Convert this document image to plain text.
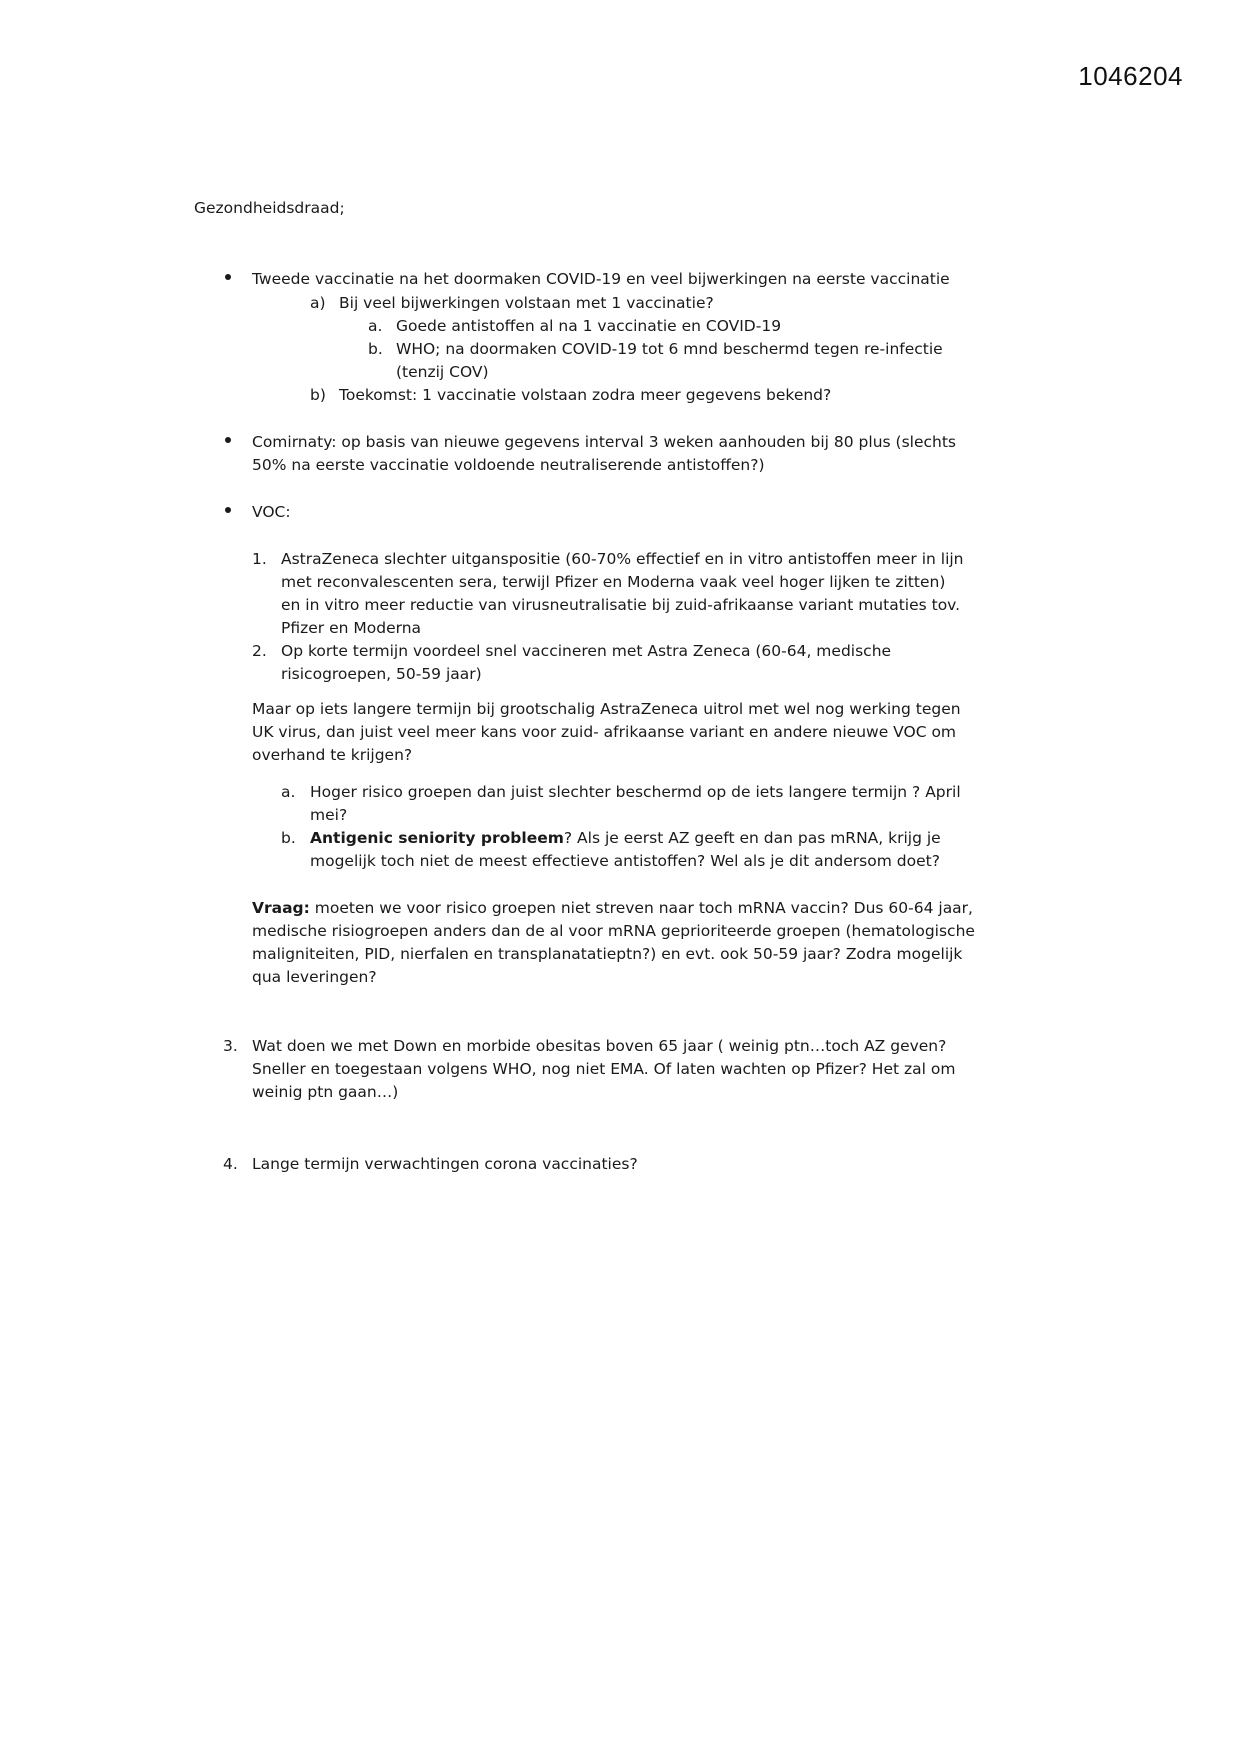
1046204
Gezondheidsdraad;
Tweede vaccinatie na het doormaken COVID-19 en veel bijwerkingen na eerste vaccinatie
a) Bij veel bijwerkingen volstaan met 1 vaccinatie?
a. Goede antistoffen al na 1 vaccinatie en COVID-19
b. WHO; na doormaken COVID-19 tot 6 mnd beschermd tegen re-infectie
(tenzij COV)
b) Toekomst: 1 vaccinatie volstaan zodra meer gegevens bekend?
Comirnaty: op basis van nieuwe gegevens interval 3 weken aanhouden bij 80 plus (slechts
50% na eerste vaccinatie voldoende neutraliserende antistoffen?)
VOC:
1. AstraZeneca slechter uitganspositie (60-70% effectief en in vitro antistoffen meer in lijn
met reconvalescenten sera, terwijl Pfizer en Moderna vaak veel hoger lijken te zitten)
en in vitro meer reductie van virusneutralisatie bij zuid-afrikaanse variant mutaties tov.
Pfizer en Moderna
2. Op korte termijn voordeel snel vaccineren met Astra Zeneca (60-64, medische
risicogroepen, 50-59 jaar)
Maar op iets langere termijn bij grootschalig AstraZeneca uitrol met wel nog werking tegen
UK virus, dan juist veel meer kans voor zuid- afrikaanse variant en andere nieuwe VOC om
overhand te krijgen?
a. Hoger risico groepen dan juist slechter beschermd op de iets langere termijn ? April
mei?
b. Antigenic seniority probleem? Als je eerst AZ geeft en dan pas mRNA, krijg je
mogelijk toch niet de meest effectieve antistoffen? Wel als je dit andersom doet?
Vraag: moeten we voor risico groepen niet streven naar toch mRNA vaccin? Dus 60-64 jaar,
medische risiogroepen anders dan de al voor mRNA geprioriteerde groepen (hematologische
maligniteiten, PID, nierfalen en transplanatatieptn?) en evt. ook 50-59 jaar? Zodra mogelijk
qua leveringen?
3. Wat doen we met Down en morbide obesitas boven 65 jaar ( weinig ptn…toch AZ geven?
Sneller en toegestaan volgens WHO, nog niet EMA. Of laten wachten op Pfizer? Het zal om
weinig ptn gaan…)
4. Lange termijn verwachtingen corona vaccinaties?
